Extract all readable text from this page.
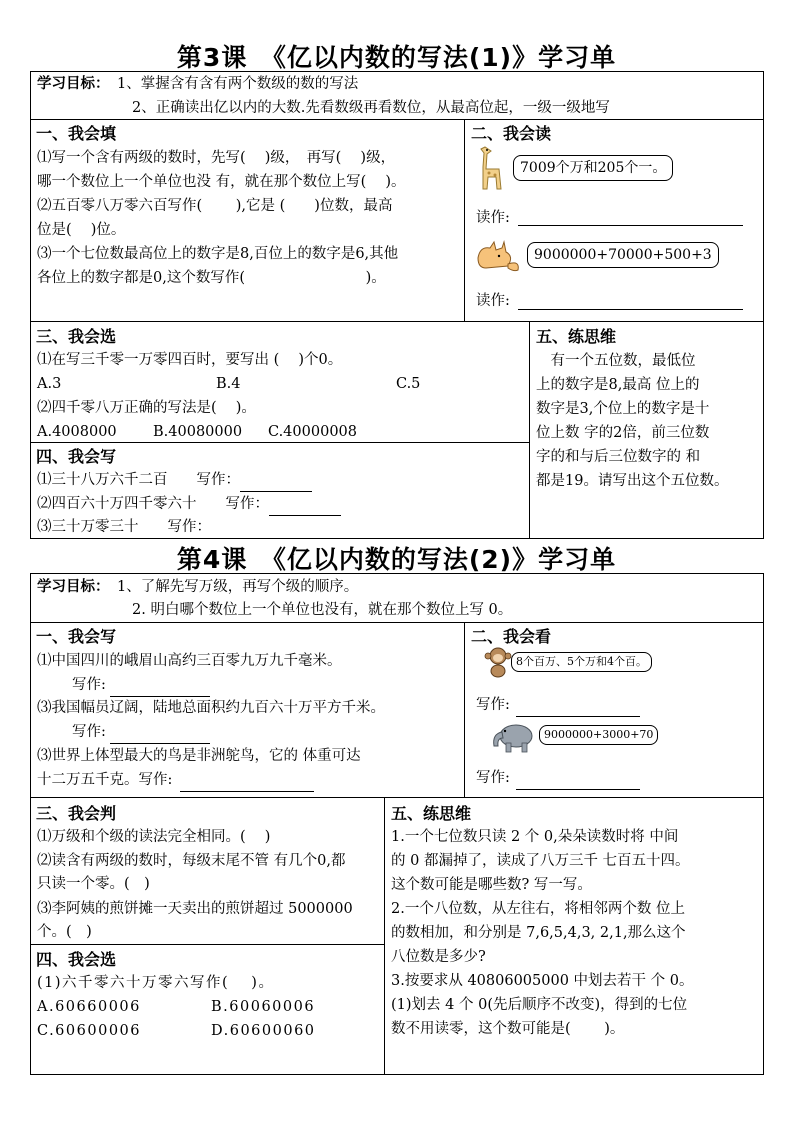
第3课　《亿以内数的写法(1)》学习单
学习目标： 1、掌握含有含有两个数级的数的写法
2、正确读出亿以内的大数.先看数级再看数位，从最高位起，一级一级地写
一、我会填
⑴写一个含有两级的数时，先写(　 )级，　再写(　 )级，
哪一个数位上一个单位也没 有，就在那个数位上写(　 )。
⑵五百零八万零六百写作(　　 ),它是 (　　)位数，最高
位是(　 )位。
⑶一个七位数最高位上的数字是8,百位上的数字是6,其他
各位上的数字都是0,这个数写作(　　　　　　　　 )。
二、我会读
7009个万和205个一。
读作:
9000000+70000+500+3
读作:
三、我会选
⑴在写三千零一万零四百时，要写出 (　 )个0。
A.3	B.4	C.5
⑵四千零八万正确的写法是(　 )。
A.4008000	B.40080000 C.40000008
四、我会写
⑴三十八万六千二百　　写作：
⑵四百六十万四千零六十　　写作：
⑶三十万零三十　　写作：
五、练思维
　有一个五位数，最低位
上的数字是8,最高 位上的
数字是3,个位上的数字是十
位上数 字的2倍，前三位数
字的和与后三位数字的 和
都是19。请写出这个五位数。
第4课　《亿以内数的写法(2)》学习单
学习目标： 1、了解先写万级，再写个级的顺序。
2. 明白哪个数位上一个单位也没有，就在那个数位上写 0。
一、我会写
⑴中国四川的峨眉山高约三百零九万九千毫米。
写作:
⑶我国幅员辽阔，陆地总面积约九百六十万平方千米。
写作:
⑶世界上体型最大的鸟是非洲鸵鸟，它的 体重可达
十二万五千克。写作:
二、我会看
8个百万、5个万和4个百。
写作:
9000000+3000+70
写作:
三、我会判
⑴万级和个级的读法完全相同。(　 )
⑵读含有两级的数时，每级末尾不管 有几个0,都
只读一个零。(　)
⑶李阿姨的煎饼摊一天卖出的煎饼超过 5000000
个。(　)
四、我会选
(1)六千零六十万零六写作(　 )。
A.60660006	B.60060006
C.60600006	D.60600060
五、练思维
1.一个七位数只读 2 个 0,朵朵读数时将 中间
的 0 都漏掉了，读成了八万三千 七百五十四。
这个数可能是哪些数? 写一写。
2.一个八位数，从左往右，将相邻两个数 位上
的数相加，和分别是 7,6,5,4,3, 2,1,那么这个
八位数是多少?
3.按要求从 40806005000 中划去若干 个 0。
(1)划去 4 个 0(先后顺序不改变)，得到的七位
数不用读零，这个数可能是(　　 )。
